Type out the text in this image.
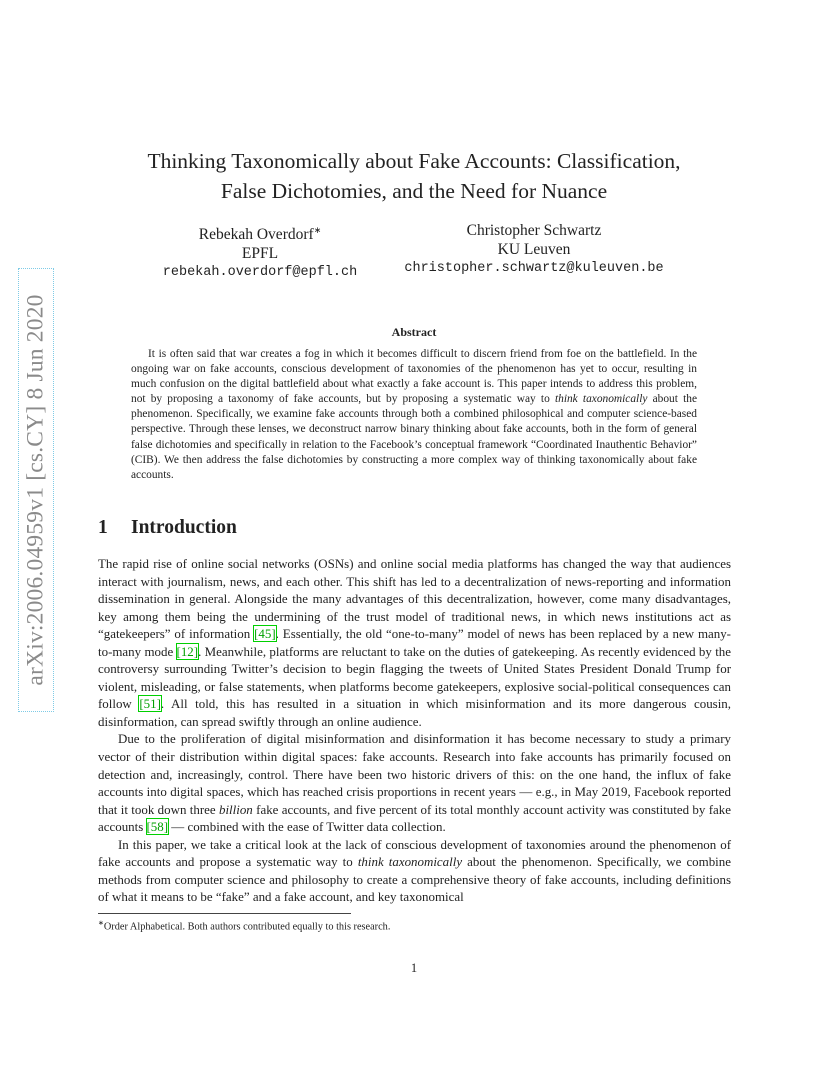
arXiv:2006.04959v1 [cs.CY] 8 Jun 2020
Thinking Taxonomically about Fake Accounts: Classification,
False Dichotomies, and the Need for Nuance
Rebekah Overdorf∗
EPFL
rebekah.overdorf@epfl.ch
Christopher Schwartz
KU Leuven
christopher.schwartz@kuleuven.be
Abstract
It is often said that war creates a fog in which it becomes difficult to discern friend from foe on the battlefield. In the ongoing war on fake accounts, conscious development of taxonomies of the phenomenon has yet to occur, resulting in much confusion on the digital battlefield about what exactly a fake account is. This paper intends to address this problem, not by proposing a taxonomy of fake accounts, but by proposing a systematic way to think taxonomically about the phenomenon. Specifically, we examine fake accounts through both a combined philosophical and computer science-based perspective. Through these lenses, we deconstruct narrow binary thinking about fake accounts, both in the form of general false dichotomies and specifically in relation to the Facebook’s conceptual framework “Coordinated Inauthentic Behavior” (CIB). We then address the false dichotomies by constructing a more complex way of thinking taxonomically about fake accounts.
1 Introduction

The rapid rise of online social networks (OSNs) and online social media platforms has changed the way that audiences interact with journalism, news, and each other. This shift has led to a decentralization of news-reporting and information dissemination in general. Alongside the many advantages of this decentralization, however, come many disadvantages, key among them being the undermining of the trust model of traditional news, in which news institutions act as “gatekeepers” of information [45]. Essentially, the old “one-to-many” model of news has been replaced by a new many-to-many mode [12]. Meanwhile, platforms are reluctant to take on the duties of gatekeeping. As recently evidenced by the controversy surrounding Twitter’s decision to begin flagging the tweets of United States President Donald Trump for violent, misleading, or false statements, when platforms become gatekeepers, explosive social-political consequences can follow [51]. All told, this has resulted in a situation in which misinformation and its more dangerous cousin, disinformation, can spread swiftly through an online audience.

Due to the proliferation of digital misinformation and disinformation it has become necessary to study a primary vector of their distribution within digital spaces: fake accounts. Research into fake accounts has primarily focused on detection and, increasingly, control. There have been two historic drivers of this: on the one hand, the influx of fake accounts into digital spaces, which has reached crisis proportions in recent years — e.g., in May 2019, Facebook reported that it took down three billion fake accounts, and five percent of its total monthly account activity was constituted by fake accounts [58] — combined with the ease of Twitter data collection.

In this paper, we take a critical look at the lack of conscious development of taxonomies around the phenomenon of fake accounts and propose a systematic way to think taxonomically about the phenomenon. Specifically, we combine methods from computer science and philosophy to create a comprehensive theory of fake accounts, including definitions of what it means to be “fake” and a fake account, and key taxonomical

∗Order Alphabetical. Both authors contributed equally to this research.
1
